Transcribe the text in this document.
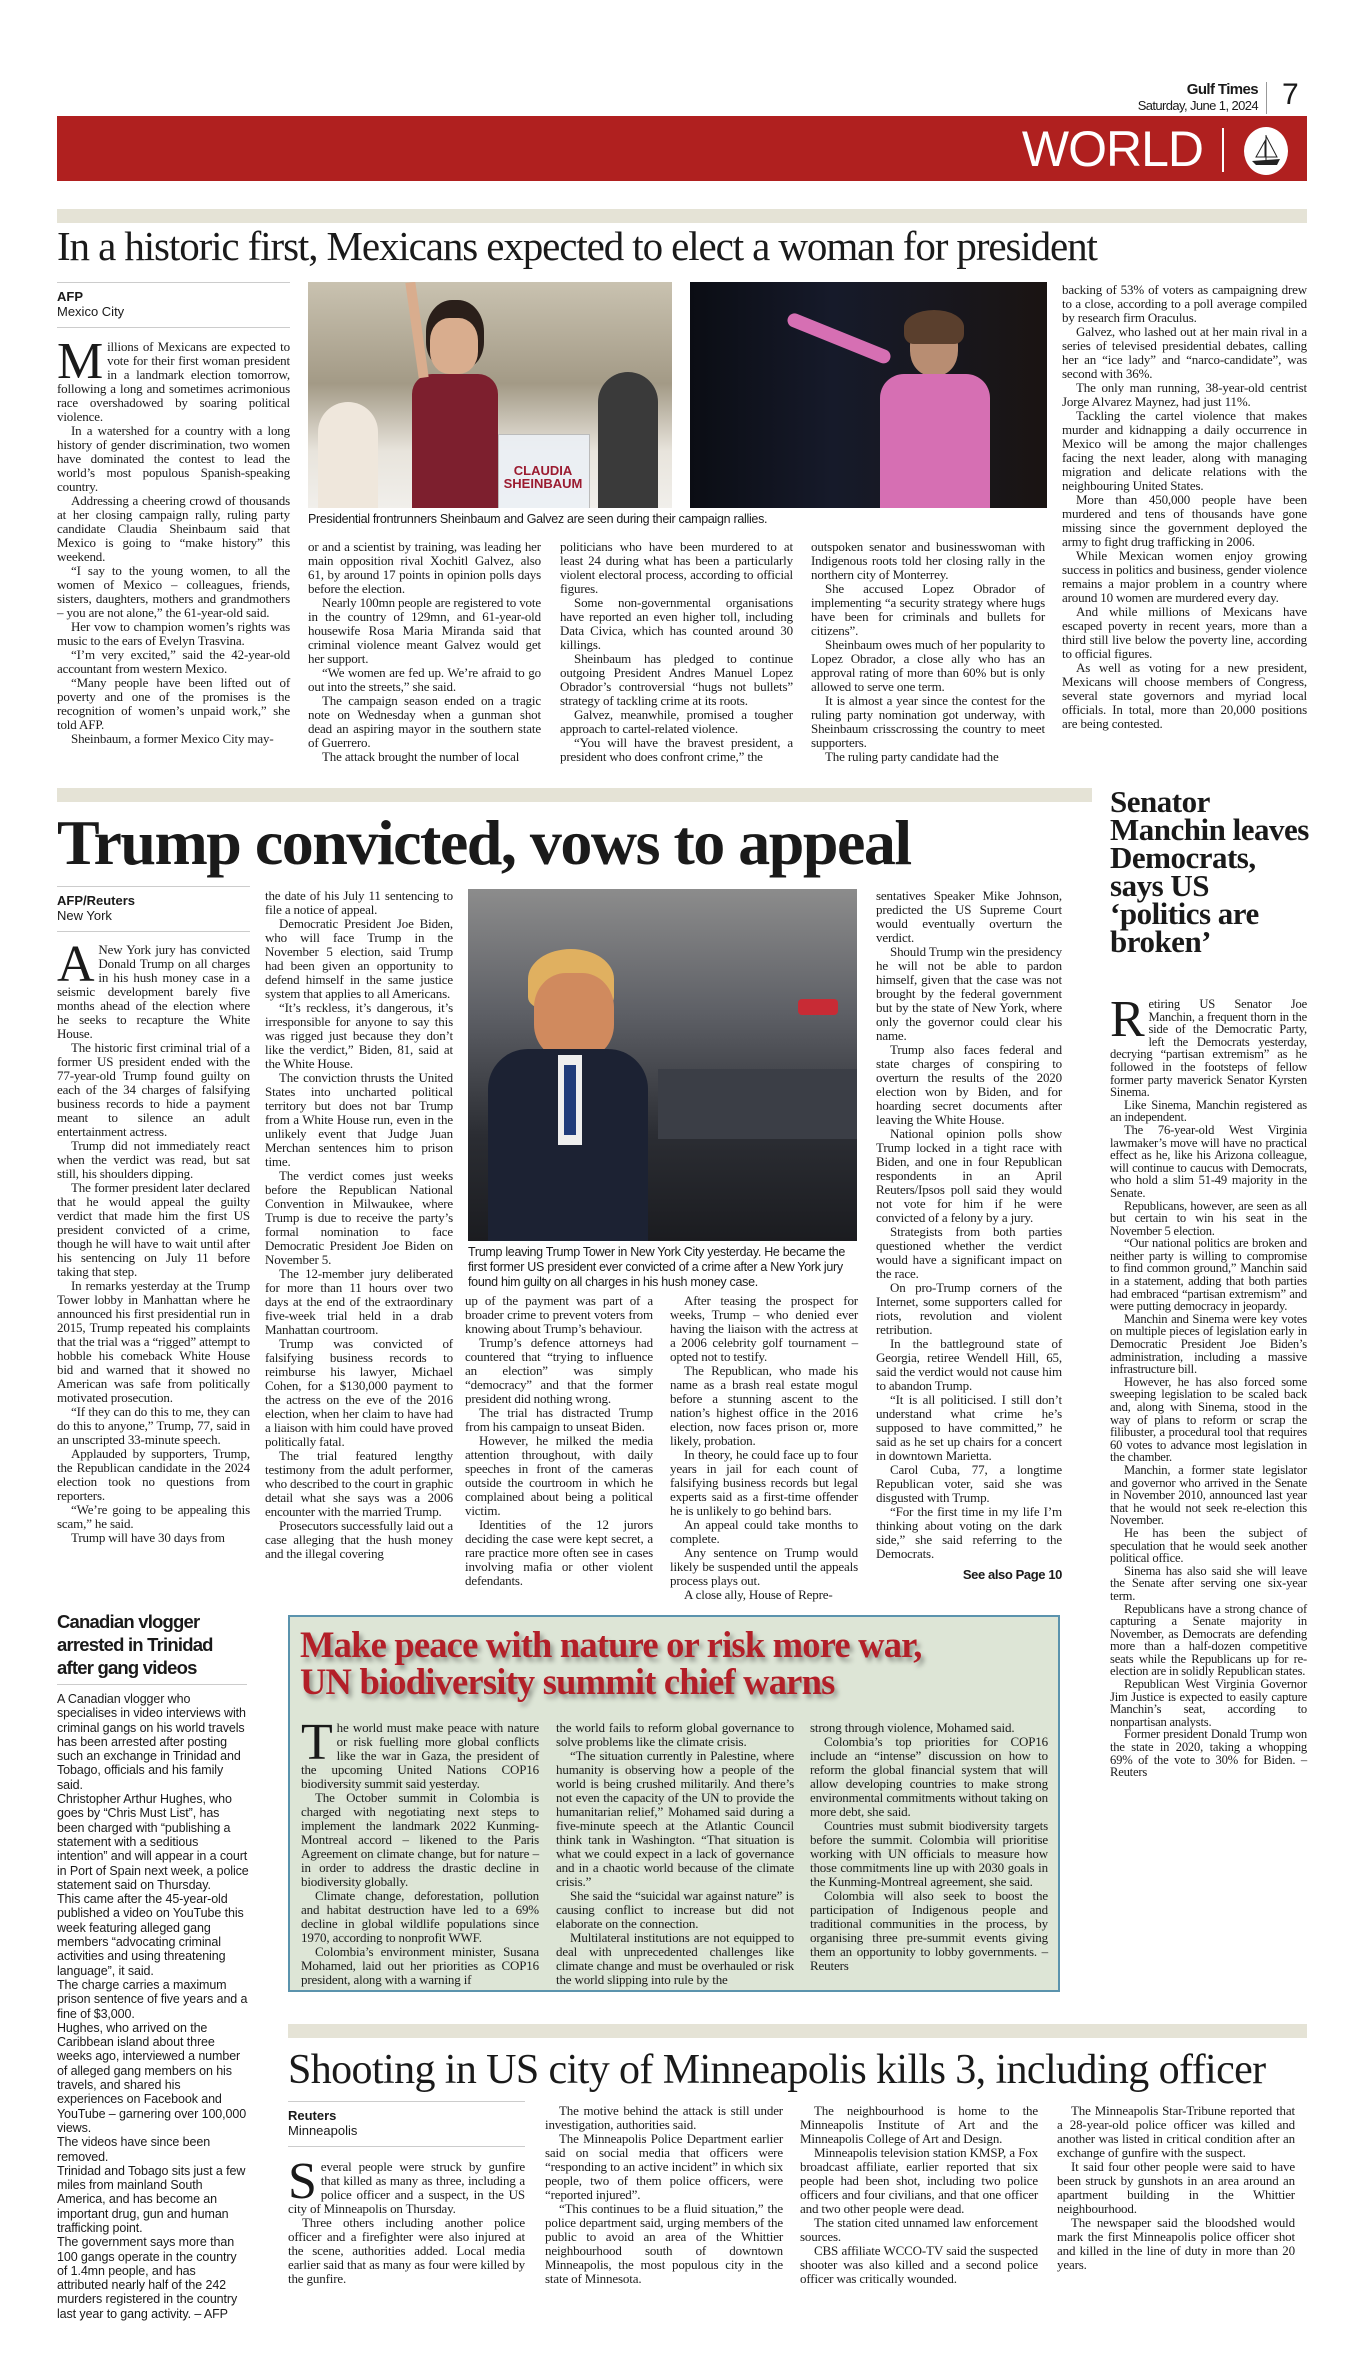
Gulf Times
Saturday, June 1, 2024 7
WORLD
In a historic first, Mexicans expected to elect a woman for president
AFP
Mexico City

Millions of Mexicans are expected to vote for their first woman president in a landmark election tomorrow, following a long and sometimes acrimonious race overshadowed by soaring political violence.

In a watershed for a country with a long history of gender discrimination, two women have dominated the contest to lead the world’s most populous Spanish-speaking country.

Addressing a cheering crowd of thousands at her closing campaign rally, ruling party candidate Claudia Sheinbaum said that Mexico is going to “make history” this weekend.

“I say to the young women, to all the women of Mexico – colleagues, friends, sisters, daughters, mothers and grandmothers – you are not alone,” the 61-year-old said.

Her vow to champion women’s rights was music to the ears of Evelyn Trasvina.

“I’m very excited,” said the 42-year-old accountant from western Mexico.

“Many people have been lifted out of poverty and one of the promises is the recognition of women’s unpaid work,” she told AFP.

Sheinbaum, a former Mexico City may-

CLAUDIA SHEINBAUM
Presidential frontrunners Sheinbaum and Galvez are seen during their campaign rallies.

or and a scientist by training, was leading her main opposition rival Xochitl Galvez, also 61, by around 17 points in opinion polls days before the election.

Nearly 100mn people are registered to vote in the country of 129mn, and 61-year-old housewife Rosa Maria Miranda said that criminal violence meant Galvez would get her support.

“We women are fed up. We’re afraid to go out into the streets,” she said.

The campaign season ended on a tragic note on Wednesday when a gunman shot dead an aspiring mayor in the southern state of Guerrero.

The attack brought the number of local

politicians who have been murdered to at least 24 during what has been a particularly violent electoral process, according to official figures.

Some non-governmental organisations have reported an even higher toll, including Data Civica, which has counted around 30 killings.

Sheinbaum has pledged to continue outgoing President Andres Manuel Lopez Obrador’s controversial “hugs not bullets” strategy of tackling crime at its roots.

Galvez, meanwhile, promised a tougher approach to cartel-related violence.

“You will have the bravest president, a president who does confront crime,” the

outspoken senator and businesswoman with Indigenous roots told her closing rally in the northern city of Monterrey.

She accused Lopez Obrador of implementing “a security strategy where hugs have been for criminals and bullets for citizens”.

Sheinbaum owes much of her popularity to Lopez Obrador, a close ally who has an approval rating of more than 60% but is only allowed to serve one term.

It is almost a year since the contest for the ruling party nomination got underway, with Sheinbaum crisscrossing the country to meet supporters.

The ruling party candidate had the

backing of 53% of voters as campaigning drew to a close, according to a poll average compiled by research firm Oraculus.

Galvez, who lashed out at her main rival in a series of televised presidential debates, calling her an “ice lady” and “narco-candidate”, was second with 36%.

The only man running, 38-year-old centrist Jorge Alvarez Maynez, had just 11%.

Tackling the cartel violence that makes murder and kidnapping a daily occurrence in Mexico will be among the major challenges facing the next leader, along with managing migration and delicate relations with the neighbouring United States.

More than 450,000 people have been murdered and tens of thousands have gone missing since the government deployed the army to fight drug trafficking in 2006.

While Mexican women enjoy growing success in politics and business, gender violence remains a major problem in a country where around 10 women are murdered every day.

And while millions of Mexicans have escaped poverty in recent years, more than a third still live below the poverty line, according to official figures.

As well as voting for a new president, Mexicans will choose members of Congress, several state governors and myriad local officials. In total, more than 20,000 positions are being contested.

Trump convicted, vows to appeal
AFP/Reuters
New York

ANew York jury has convicted Donald Trump on all charges in his hush money case in a seismic development barely five months ahead of the election where he seeks to recapture the White House.

The historic first criminal trial of a former US president ended with the 77-year-old Trump found guilty on each of the 34 charges of falsifying business records to hide a payment meant to silence an adult entertainment actress.

Trump did not immediately react when the verdict was read, but sat still, his shoulders dipping.

The former president later declared that he would appeal the guilty verdict that made him the first US president convicted of a crime, though he will have to wait until after his sentencing on July 11 before taking that step.

In remarks yesterday at the Trump Tower lobby in Manhattan where he announced his first presidential run in 2015, Trump repeated his complaints that the trial was a “rigged” attempt to hobble his comeback White House bid and warned that it showed no American was safe from politically motivated prosecution.

“If they can do this to me, they can do this to anyone,” Trump, 77, said in an unscripted 33-minute speech.

Applauded by supporters, Trump, the Republican candidate in the 2024 election took no questions from reporters.

“We’re going to be appealing this scam,” he said.

Trump will have 30 days from

the date of his July 11 sentencing to file a notice of appeal.

Democratic President Joe Biden, who will face Trump in the November 5 election, said Trump had been given an opportunity to defend himself in the same justice system that applies to all Americans.

“It’s reckless, it’s dangerous, it’s irresponsible for anyone to say this was rigged just because they don’t like the verdict,” Biden, 81, said at the White House.

The conviction thrusts the United States into uncharted political territory but does not bar Trump from a White House run, even in the unlikely event that Judge Juan Merchan sentences him to prison time.

The verdict comes just weeks before the Republican National Convention in Milwaukee, where Trump is due to receive the party’s formal nomination to face Democratic President Joe Biden on November 5.

The 12-member jury deliberated for more than 11 hours over two days at the end of the extraordinary five-week trial held in a drab Manhattan courtroom.

Trump was convicted of falsifying business records to reimburse his lawyer, Michael Cohen, for a $130,000 payment to the actress on the eve of the 2016 election, when her claim to have had a liaison with him could have proved politically fatal.

The trial featured lengthy testimony from the adult performer, who described to the court in graphic detail what she says was a 2006 encounter with the married Trump.

Prosecutors successfully laid out a case alleging that the hush money and the illegal covering

Trump leaving Trump Tower in New York City yesterday. He became the first former US president ever convicted of a crime after a New York jury found him guilty on all charges in his hush money case.

up of the payment was part of a broader crime to prevent voters from knowing about Trump’s behaviour.

Trump’s defence attorneys had countered that “trying to influence an election” was simply “democracy” and that the former president did nothing wrong.

The trial has distracted Trump from his campaign to unseat Biden.

However, he milked the media attention throughout, with daily speeches in front of the cameras outside the courtroom in which he complained about being a political victim.

Identities of the 12 jurors deciding the case were kept secret, a rare practice more often see in cases involving mafia or other violent defendants.

After teasing the prospect for weeks, Trump – who denied ever having the liaison with the actress at a 2006 celebrity golf tournament – opted not to testify.

The Republican, who made his name as a brash real estate mogul before a stunning ascent to the nation’s highest office in the 2016 election, now faces prison or, more likely, probation.

In theory, he could face up to four years in jail for each count of falsifying business records but legal experts said as a first-time offender he is unlikely to go behind bars.

An appeal could take months to complete.

Any sentence on Trump would likely be suspended until the appeals process plays out.

A close ally, House of Repre-

sentatives Speaker Mike Johnson, predicted the US Supreme Court would eventually overturn the verdict.

Should Trump win the presidency he will not be able to pardon himself, given that the case was not brought by the federal government but by the state of New York, where only the governor could clear his name.

Trump also faces federal and state charges of conspiring to overturn the results of the 2020 election won by Biden, and for hoarding secret documents after leaving the White House.

National opinion polls show Trump locked in a tight race with Biden, and one in four Republican respondents in an April Reuters/Ipsos poll said they would not vote for him if he were convicted of a felony by a jury.

Strategists from both parties questioned whether the verdict would have a significant impact on the race.

On pro-Trump corners of the Internet, some supporters called for riots, revolution and violent retribution.

In the battleground state of Georgia, retiree Wendell Hill, 65, said the verdict would not cause him to abandon Trump.

“It is all politicised. I still don’t understand what crime he’s supposed to have committed,” he said as he set up chairs for a concert in downtown Marietta.

Carol Cuba, 77, a longtime Republican voter, said she was disgusted with Trump.

“For the first time in my life I’m thinking about voting on the dark side,” she said referring to the Democrats.

See also Page 10
Senator Manchin leaves Democrats, says US ‘politics are broken’

Retiring US Senator Joe Manchin, a frequent thorn in the side of the Democratic Party, left the Democrats yesterday, decrying “partisan extremism” as he followed in the footsteps of fellow former party maverick Senator Kyrsten Sinema.

Like Sinema, Manchin registered as an independent.

The 76-year-old West Virginia lawmaker’s move will have no practical effect as he, like his Arizona colleague, will continue to caucus with Democrats, who hold a slim 51-49 majority in the Senate.

Republicans, however, are seen as all but certain to win his seat in the November 5 election.

“Our national politics are broken and neither party is willing to compromise to find common ground,” Manchin said in a statement, adding that both parties had embraced “partisan extremism” and were putting democracy in jeopardy.

Manchin and Sinema were key votes on multiple pieces of legislation early in Democratic President Joe Biden’s administration, including a massive infrastructure bill.

However, he has also forced some sweeping legislation to be scaled back and, along with Sinema, stood in the way of plans to reform or scrap the filibuster, a procedural tool that requires 60 votes to advance most legislation in the chamber.

Manchin, a former state legislator and governor who arrived in the Senate in November 2010, announced last year that he would not seek re-election this November.

He has been the subject of speculation that he would seek another political office.

Sinema has also said she will leave the Senate after serving one six-year term.

Republicans have a strong chance of capturing a Senate majority in November, as Democrats are defending more than a half-dozen competitive seats while the Republicans up for re-election are in solidly Republican states.

Republican West Virginia Governor Jim Justice is expected to easily capture Manchin’s seat, according to nonpartisan analysts.

Former president Donald Trump won the state in 2020, taking a whopping 69% of the vote to 30% for Biden. – Reuters

Canadian vlogger arrested in Trinidad after gang videos

A Canadian vlogger who specialises in video interviews with criminal gangs on his world travels has been arrested after posting such an exchange in Trinidad and Tobago, officials and his family said.

Christopher Arthur Hughes, who goes by “Chris Must List”, has been charged with “publishing a statement with a seditious intention” and will appear in a court in Port of Spain next week, a police statement said on Thursday.

This came after the 45-year-old published a video on YouTube this week featuring alleged gang members “advocating criminal activities and using threatening language”, it said.

The charge carries a maximum prison sentence of five years and a fine of $3,000.

Hughes, who arrived on the Caribbean island about three weeks ago, interviewed a number of alleged gang members on his travels, and shared his experiences on Facebook and YouTube – garnering over 100,000 views.

The videos have since been removed.

Trinidad and Tobago sits just a few miles from mainland South America, and has become an important drug, gun and human trafficking point.

The government says more than 100 gangs operate in the country of 1.4mn people, and has attributed nearly half of the 242 murders registered in the country last year to gang activity. – AFP

Make peace with nature or risk more war,
UN biodiversity summit chief warns

The world must make peace with nature or risk fuelling more global conflicts like the war in Gaza, the president of the upcoming United Nations COP16 biodiversity summit said yesterday.

The October summit in Colombia is charged with negotiating next steps to implement the landmark 2022 Kunming-Montreal accord – likened to the Paris Agreement on climate change, but for nature – in order to address the drastic decline in biodiversity globally.

Climate change, deforestation, pollution and habitat destruction have led to a 69% decline in global wildlife populations since 1970, according to nonprofit WWF.

Colombia’s environment minister, Susana Mohamed, laid out her priorities as COP16 president, along with a warning if

the world fails to reform global governance to solve problems like the climate crisis.

“The situation currently in Palestine, where humanity is observing how a people of the world is being crushed militarily. And there’s not even the capacity of the UN to provide the humanitarian relief,” Mohamed said during a five-minute speech at the Atlantic Council think tank in Washington. “That situation is what we could expect in a lack of governance and in a chaotic world because of the climate crisis.”

She said the “suicidal war against nature” is causing conflict to increase but did not elaborate on the connection.

Multilateral institutions are not equipped to deal with unprecedented challenges like climate change and must be overhauled or risk the world slipping into rule by the

strong through violence, Mohamed said.

Colombia’s top priorities for COP16 include an “intense” discussion on how to reform the global financial system that will allow developing countries to make strong environmental commitments without taking on more debt, she said.

Countries must submit biodiversity targets before the summit. Colombia will prioritise working with UN officials to measure how those commitments line up with 2030 goals in the Kunming-Montreal agreement, she said.

Colombia will also seek to boost the participation of Indigenous people and traditional communities in the process, by organising three pre-summit events giving them an opportunity to lobby governments. – Reuters

Shooting in US city of Minneapolis kills 3, including officer
Reuters
Minneapolis

Several people were struck by gunfire that killed as many as three, including a police officer and a suspect, in the US city of Minneapolis on Thursday.

Three others including another police officer and a firefighter were also injured at the scene, authorities added. Local media earlier said that as many as four were killed by the gunfire.

The motive behind the attack is still under investigation, authorities said.

The Minneapolis Police Department earlier said on social media that officers were “responding to an active incident” in which six people, two of them police officers, were “reported injured”.

“This continues to be a fluid situation,” the police department said, urging members of the public to avoid an area of the Whittier neighbourhood south of downtown Minneapolis, the most populous city in the state of Minnesota.

The neighbourhood is home to the Minneapolis Institute of Art and the Minneapolis College of Art and Design.

Minneapolis television station KMSP, a Fox broadcast affiliate, earlier reported that six people had been shot, including two police officers and four civilians, and that one officer and two other people were dead.

The station cited unnamed law enforcement sources.

CBS affiliate WCCO-TV said the suspected shooter was also killed and a second police officer was critically wounded.

The Minneapolis Star-Tribune reported that a 28-year-old police officer was killed and another was listed in critical condition after an exchange of gunfire with the suspect.

It said four other people were said to have been struck by gunshots in an area around an apartment building in the Whittier neighbourhood.

The newspaper said the bloodshed would mark the first Minneapolis police officer shot and killed in the line of duty in more than 20 years.
